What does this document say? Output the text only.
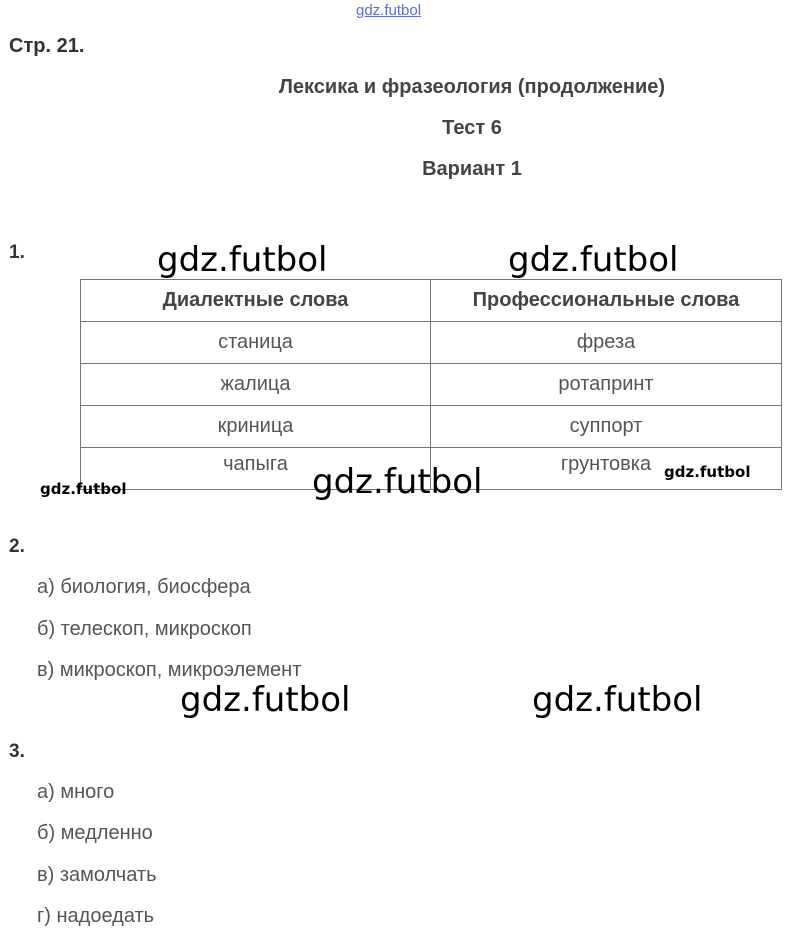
gdz.futbol
Стр. 21.
Лексика и фразеология (продолжение)
Тест 6
Вариант 1
1.
Диалектные слова	Профессиональные слова
станица	фреза
жалица	ротапринт
криница	суппорт
чапыга	грунтовка
gdz.futbol	gdz.futbol
gdz.futbol
gdz.futbol
gdz.futbol
2.
а) биология, биосфера
б) телескоп, микроскоп
в) микроскоп, микроэлемент
gdz.futbol	gdz.futbol
3.
а) много
б) медленно
в) замолчать
г) надоедать
